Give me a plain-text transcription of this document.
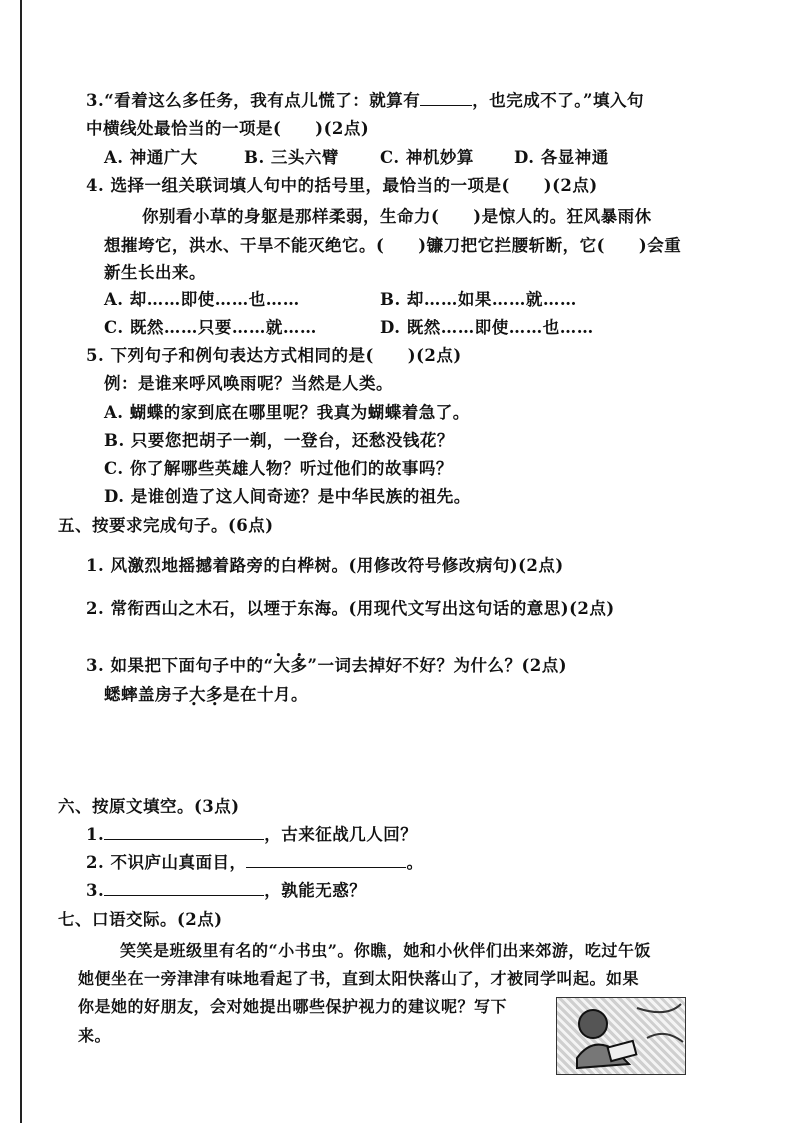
3.“看着这么多任务，我有点儿慌了：就算有	，也完成不了。”填入句
中横线处最恰当的一项是(　　)(2点)
A. 神通广大	B. 三头六臂 C. 神机妙算 D. 各显神通
4. 选择一组关联词填人句中的括号里，最恰当的一项是(　　)(2点)
你别看小草的身躯是那样柔弱，生命力(　　)是惊人的。狂风暴雨休
想摧垮它，洪水、干旱不能灭绝它。(　　)镰刀把它拦腰斩断，它(　　)会重
新生长出来。
A. 却……即使……也……	B. 却……如果……就……
C. 既然……只要……就……	D. 既然……即使……也……
5. 下列句子和例句表达方式相同的是(　　)(2点)
例：是谁来呼风唤雨呢？当然是人类。
A. 蝴蝶的家到底在哪里呢？我真为蝴蝶着急了。
B. 只要您把胡子一剃，一登台，还愁没钱花？
C. 你了解哪些英雄人物？听过他们的故事吗？
D. 是谁创造了这人间奇迹？是中华民族的祖先。
五、按要求完成句子。(6点)
1. 风激烈地摇撼着路旁的白桦树。(用修改符号修改病句)(2点)
2. 常衔西山之木石，以堙于东海。(用现代文写出这句话的意思)(2点)
3. 如果把下面句子中的“大多 • •”一词去掉好不好？为什么？(2点)
蟋蟀盖房子大多 • •是在十月。
六、按原文填空。(3点)
1.	，古来征战几人回？
2. 不识庐山真面目，	。
3.	，孰能无惑？
七、口语交际。(2点)
笑笑是班级里有名的“小书虫”。你瞧，她和小伙伴们出来郊游，吃过午饭
她便坐在一旁津津有味地看起了书，直到太阳快落山了，才被同学叫起。如果
你是她的好朋友，会对她提出哪些保护视力的建议呢？写下
来。
